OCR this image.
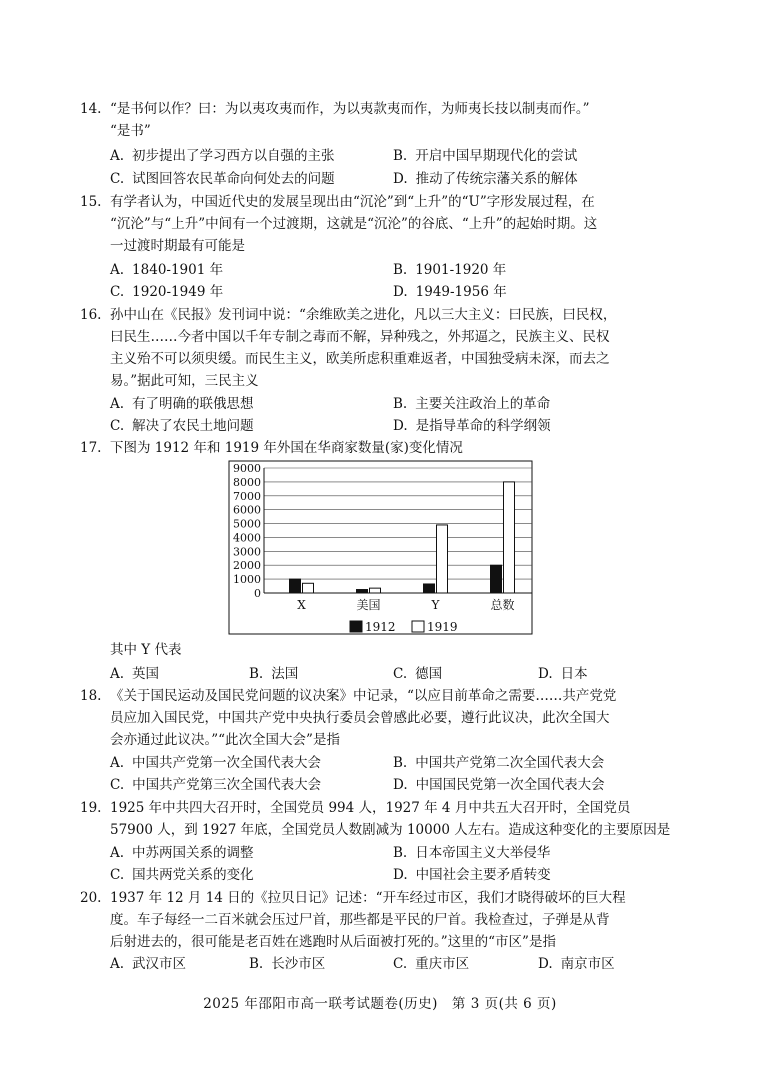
14. “是书何以作？曰：为以夷攻夷而作，为以夷款夷而作，为师夷长技以制夷而作。”
“是书”
A. 初步提出了学习西方以自强的主张	B. 开启中国早期现代化的尝试
C. 试图回答农民革命向何处去的问题	D. 推动了传统宗藩关系的解体
15. 有学者认为，中国近代史的发展呈现出由“沉沦”到“上升”的“U”字形发展过程，在
“沉沦”与“上升”中间有一个过渡期，这就是“沉沦”的谷底、“上升”的起始时期。这
一过渡时期最有可能是
A. 1840-1901 年	B. 1901-1920 年
C. 1920-1949 年	D. 1949-1956 年
16. 孙中山在《民报》发刊词中说：“余维欧美之进化，凡以三大主义：曰民族，曰民权，
曰民生……今者中国以千年专制之毒而不解，异种残之，外邦逼之，民族主义、民权
主义殆不可以须臾缓。而民生主义，欧美所虑积重难返者，中国独受病未深，而去之
易。”据此可知，三民主义
A. 有了明确的联俄思想	B. 主要关注政治上的革命
C. 解决了农民土地问题	D. 是指导革命的科学纲领
17. 下图为 1912 年和 1919 年外国在华商家数量(家)变化情况
9000
8000
7000
6000
5000
4000
3000
2000
1000
0
X	美国	Y	总数
1912	1919
其中 Y 代表
A. 英国	B. 法国	C. 德国	D. 日本
18. 《关于国民运动及国民党问题的议决案》中记录，“以应目前革命之需要……共产党党
员应加入国民党，中国共产党中央执行委员会曾感此必要，遵行此议决，此次全国大
会亦通过此议决。”“此次全国大会”是指
A. 中国共产党第一次全国代表大会	B. 中国共产党第二次全国代表大会
C. 中国共产党第三次全国代表大会	D. 中国国民党第一次全国代表大会
19. 1925 年中共四大召开时，全国党员 994 人，1927 年 4 月中共五大召开时，全国党员
57900 人，到 1927 年底，全国党员人数剧减为 10000 人左右。造成这种变化的主要原因是
A. 中苏两国关系的调整	B. 日本帝国主义大举侵华
C. 国共两党关系的变化	D. 中国社会主要矛盾转变
20. 1937 年 12 月 14 日的《拉贝日记》记述：“开车经过市区，我们才晓得破坏的巨大程
度。车子每经一二百米就会压过尸首，那些都是平民的尸首。我检查过，子弹是从背
后射进去的，很可能是老百姓在逃跑时从后面被打死的。”这里的“市区”是指
A. 武汉市区	B. 长沙市区	C. 重庆市区	D. 南京市区
2025 年邵阳市高一联考试题卷(历史)　第 3 页(共 6 页)
